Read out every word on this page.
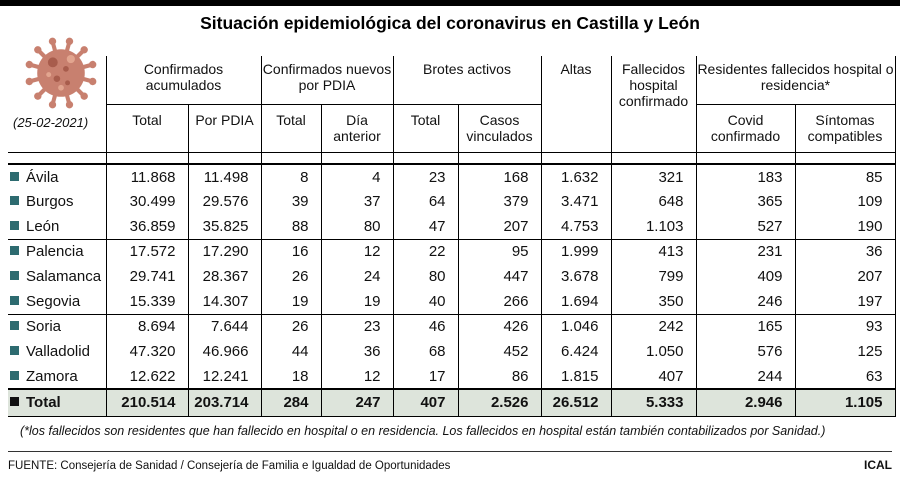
Situación epidemiológica del coronavirus en Castilla y León
(25-02-2021)
	Confirmados acumulados		Confirmados nuevos por PDIA		Brotes activos		Altas	Fallecidos hospital confirmado	Residentes fallecidos hospital o residencia*	
	Total	Por PDIA	Total	Día anterior	Total	Casos vinculados			Covid confirmado	Síntomas compatibles

Ávila	11.868	11.498	8	4	23	168	1.632	321	183	85
Burgos	30.499	29.576	39	37	64	379	3.471	648	365	109
León	36.859	35.825	88	80	47	207	4.753	1.103	527	190
Palencia	17.572	17.290	16	12	22	95	1.999	413	231	36
Salamanca	29.741	28.367	26	24	80	447	3.678	799	409	207
Segovia	15.339	14.307	19	19	40	266	1.694	350	246	197
Soria	8.694	7.644	26	23	46	426	1.046	242	165	93
Valladolid	47.320	46.966	44	36	68	452	6.424	1.050	576	125
Zamora	12.622	12.241	18	12	17	86	1.815	407	244	63
Total	210.514	203.714	284	247	407	2.526	26.512	5.333	2.946	1.105
(*los fallecidos son residentes que han fallecido en hospital o en residencia. Los fallecidos en hospital están también contabilizados por Sanidad.)
FUENTE: Consejería de Sanidad / Consejería de Familia e Igualdad de Oportunidades	ICAL
